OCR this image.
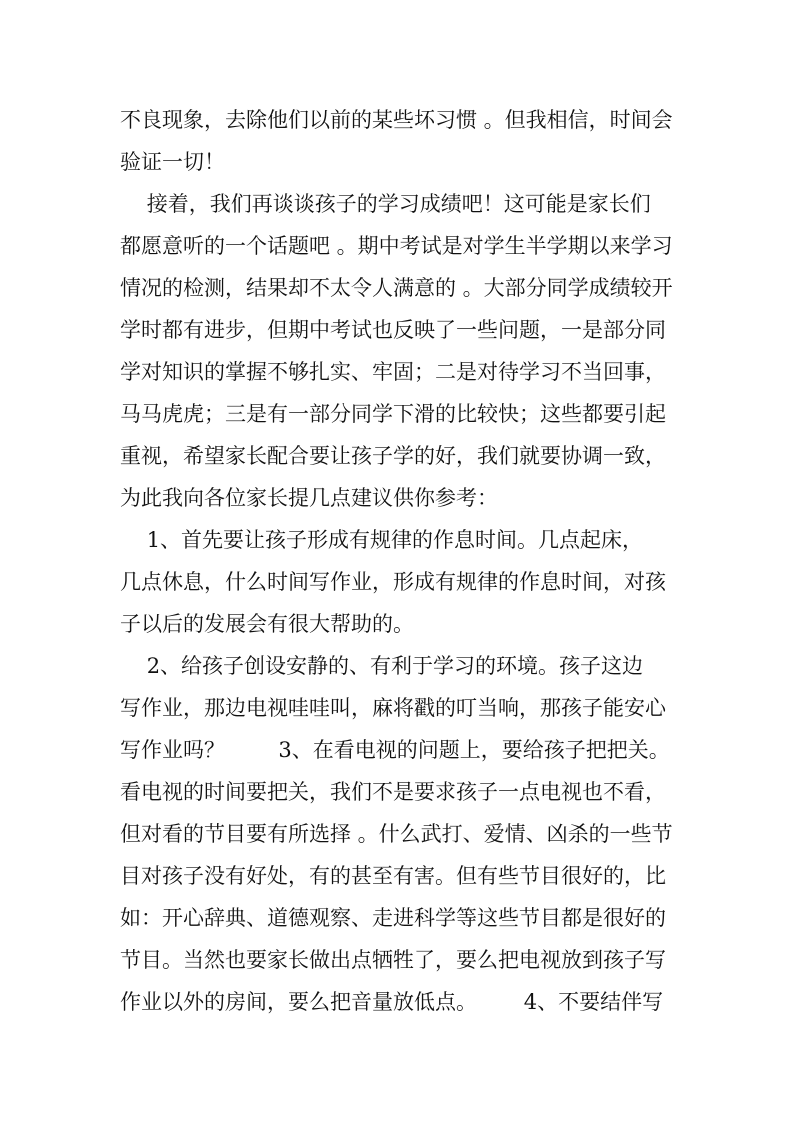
不良现象，去除他们以前的某些坏习惯 。但我相信，时间会
验证一切！
接着，我们再谈谈孩子的学习成绩吧！这可能是家长们
都愿意听的一个话题吧 。期中考试是对学生半学期以来学习
情况的检测，结果却不太令人满意的 。大部分同学成绩较开
学时都有进步，但期中考试也反映了一些问题，一是部分同
学对知识的掌握不够扎实、牢固；二是对待学习不当回事，
马马虎虎；三是有一部分同学下滑的比较快；这些都要引起
重视，希望家长配合要让孩子学的好，我们就要协调一致，
为此我向各位家长提几点建议供你参考：
1、首先要让孩子形成有规律的作息时间。几点起床，
几点休息，什么时间写作业，形成有规律的作息时间，对孩
子以后的发展会有很大帮助的。
2、给孩子创设安静的、有利于学习的环境。孩子这边
写作业，那边电视哇哇叫，麻将戳的叮当响，那孩子能安心
写作业吗？        3、在看电视的问题上，要给孩子把把关。
看电视的时间要把关，我们不是要求孩子一点电视也不看，
但对看的节目要有所选择 。什么武打、爱情、凶杀的一些节
目对孩子没有好处，有的甚至有害。但有些节目很好的，比
如：开心辞典、道德观察、走进科学等这些节目都是很好的
节目。当然也要家长做出点牺牲了，要么把电视放到孩子写
作业以外的房间，要么把音量放低点。       4、不要结伴写
